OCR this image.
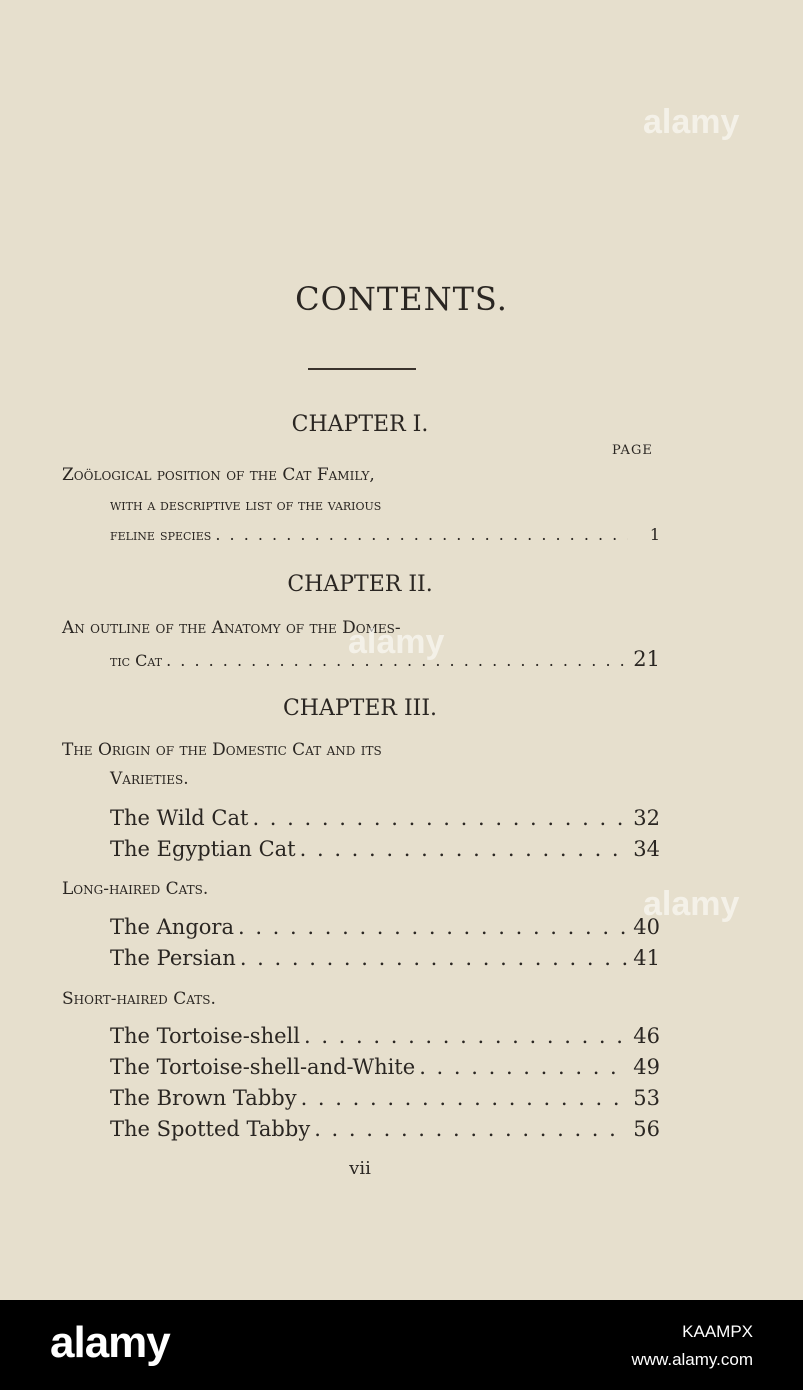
CONTENTS.
CHAPTER I.
PAGE
Zoölogical position of the Cat Family,
with a descriptive list of the various
feline species . . .	1
CHAPTER II.
An outline of the Anatomy of the Domes-
tic Cat . . .	21
CHAPTER III.
The Origin of the Domestic Cat and its
Varieties.
The Wild Cat . . .	32
The Egyptian Cat . . .	34
Long-haired Cats.
The Angora . . .	40
The Persian . . .	41
Short-haired Cats.
The Tortoise-shell . . .	46
The Tortoise-shell-and-White . . .	49
The Brown Tabby . . .	53
The Spotted Tabby . . .	56
vii
alamy
alamy
alamy
alamy	KAAMPX
www.alamy.com
